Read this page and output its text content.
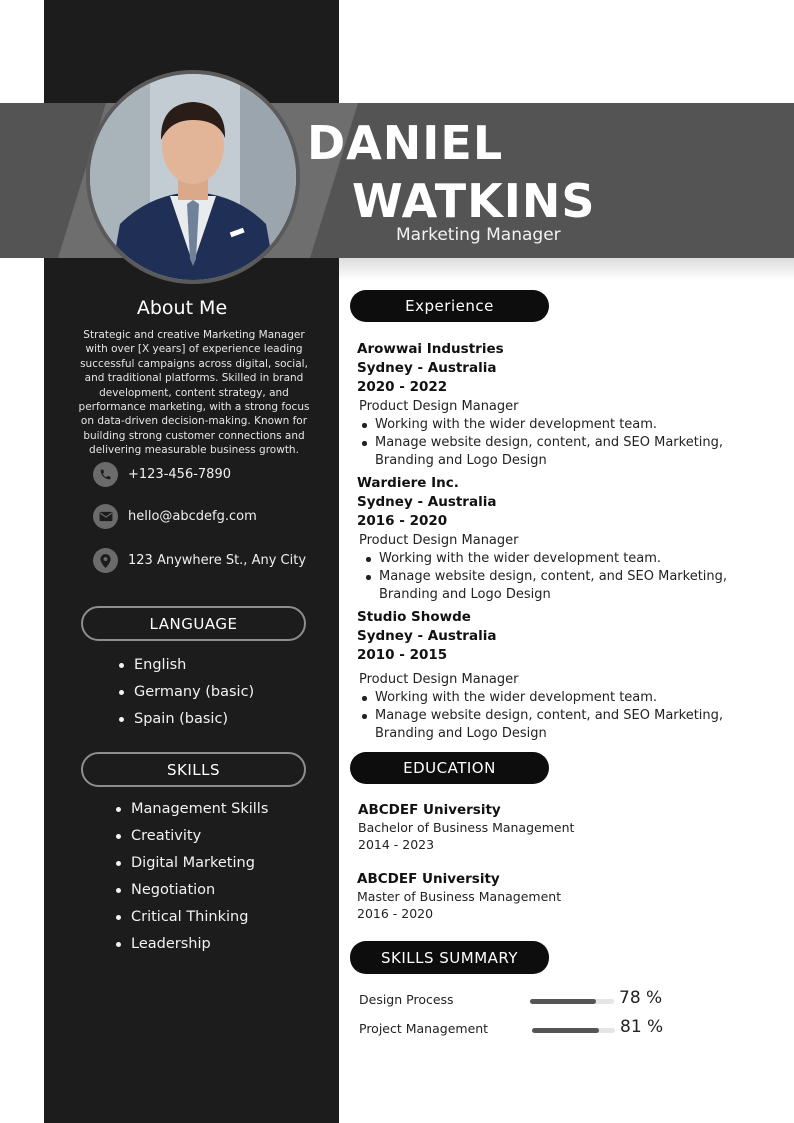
DANIEL
WATKINS
Marketing Manager
About Me
Strategic and creative Marketing Manager with over [X years] of experience leading successful campaigns across digital, social, and traditional platforms. Skilled in brand development, content strategy, and performance marketing, with a strong focus on data-driven decision-making. Known for building strong customer connections and delivering measurable business growth.
+123-456-7890
hello@abcdefg.com
123 Anywhere St., Any City
LANGUAGE
English
Germany (basic)
Spain (basic)
SKILLS
Management Skills
Creativity
Digital Marketing
Negotiation
Critical Thinking
Leadership
Experience
Arowwai Industries
Sydney - Australia
2020 - 2022
Product Design Manager
Working with the wider development team.
Manage website design, content, and SEO Marketing, Branding and Logo Design
Wardiere Inc.
Sydney - Australia
2016 - 2020
Product Design Manager
Working with the wider development team.
Manage website design, content, and SEO Marketing, Branding and Logo Design
Studio Showde
Sydney - Australia
2010 - 2015
Product Design Manager
Working with the wider development team.
Manage website design, content, and SEO Marketing, Branding and Logo Design
EDUCATION
ABCDEF University
Bachelor of Business Management
2014 - 2023
ABCDEF University
Master of Business Management
2016 - 2020
SKILLS SUMMARY
Design Process	78 %
Project Management	81 %
